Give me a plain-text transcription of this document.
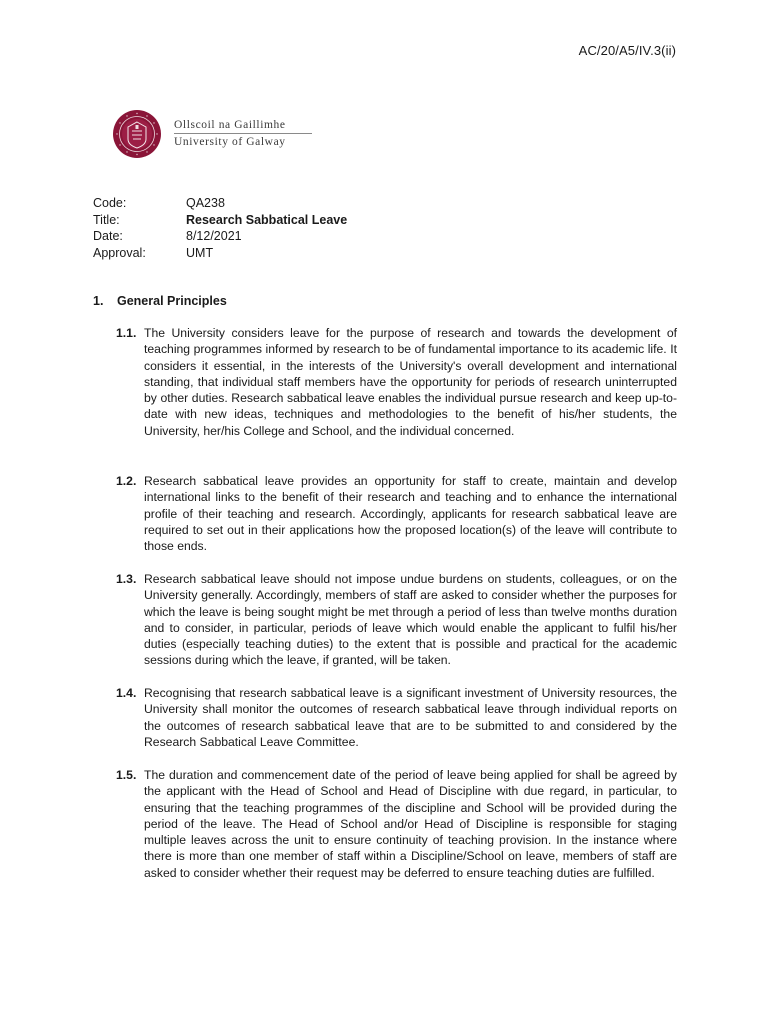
AC/20/A5/IV.3(ii)
Ollscoil na Gaillimhe
University of Galway
Code:	QA238
Title:	Research Sabbatical Leave
Date:	8/12/2021
Approval:	UMT
1.	General Principles
1.1. The University considers leave for the purpose of research and towards the development of teaching programmes informed by research to be of fundamental importance to its academic life. It considers it essential, in the interests of the University's overall development and international standing, that individual staff members have the opportunity for periods of research uninterrupted by other duties. Research sabbatical leave enables the individual pursue research and keep up-to-date with new ideas, techniques and methodologies to the benefit of his/her students, the University, her/his College and School, and the individual concerned.
1.2. Research sabbatical leave provides an opportunity for staff to create, maintain and develop international links to the benefit of their research and teaching and to enhance the international profile of their teaching and research. Accordingly, applicants for research sabbatical leave are required to set out in their applications how the proposed location(s) of the leave will contribute to those ends.
1.3. Research sabbatical leave should not impose undue burdens on students, colleagues, or on the University generally. Accordingly, members of staff are asked to consider whether the purposes for which the leave is being sought might be met through a period of less than twelve months duration and to consider, in particular, periods of leave which would enable the applicant to fulfil his/her duties (especially teaching duties) to the extent that is possible and practical for the academic sessions during which the leave, if granted, will be taken.
1.4. Recognising that research sabbatical leave is a significant investment of University resources, the University shall monitor the outcomes of research sabbatical leave through individual reports on the outcomes of research sabbatical leave that are to be submitted to and considered by the Research Sabbatical Leave Committee.
1.5. The duration and commencement date of the period of leave being applied for shall be agreed by the applicant with the Head of School and Head of Discipline with due regard, in particular, to ensuring that the teaching programmes of the discipline and School will be provided during the period of the leave. The Head of School and/or Head of Discipline is responsible for staging multiple leaves across the unit to ensure continuity of teaching provision. In the instance where there is more than one member of staff within a Discipline/School on leave, members of staff are asked to consider whether their request may be deferred to ensure teaching duties are fulfilled.
